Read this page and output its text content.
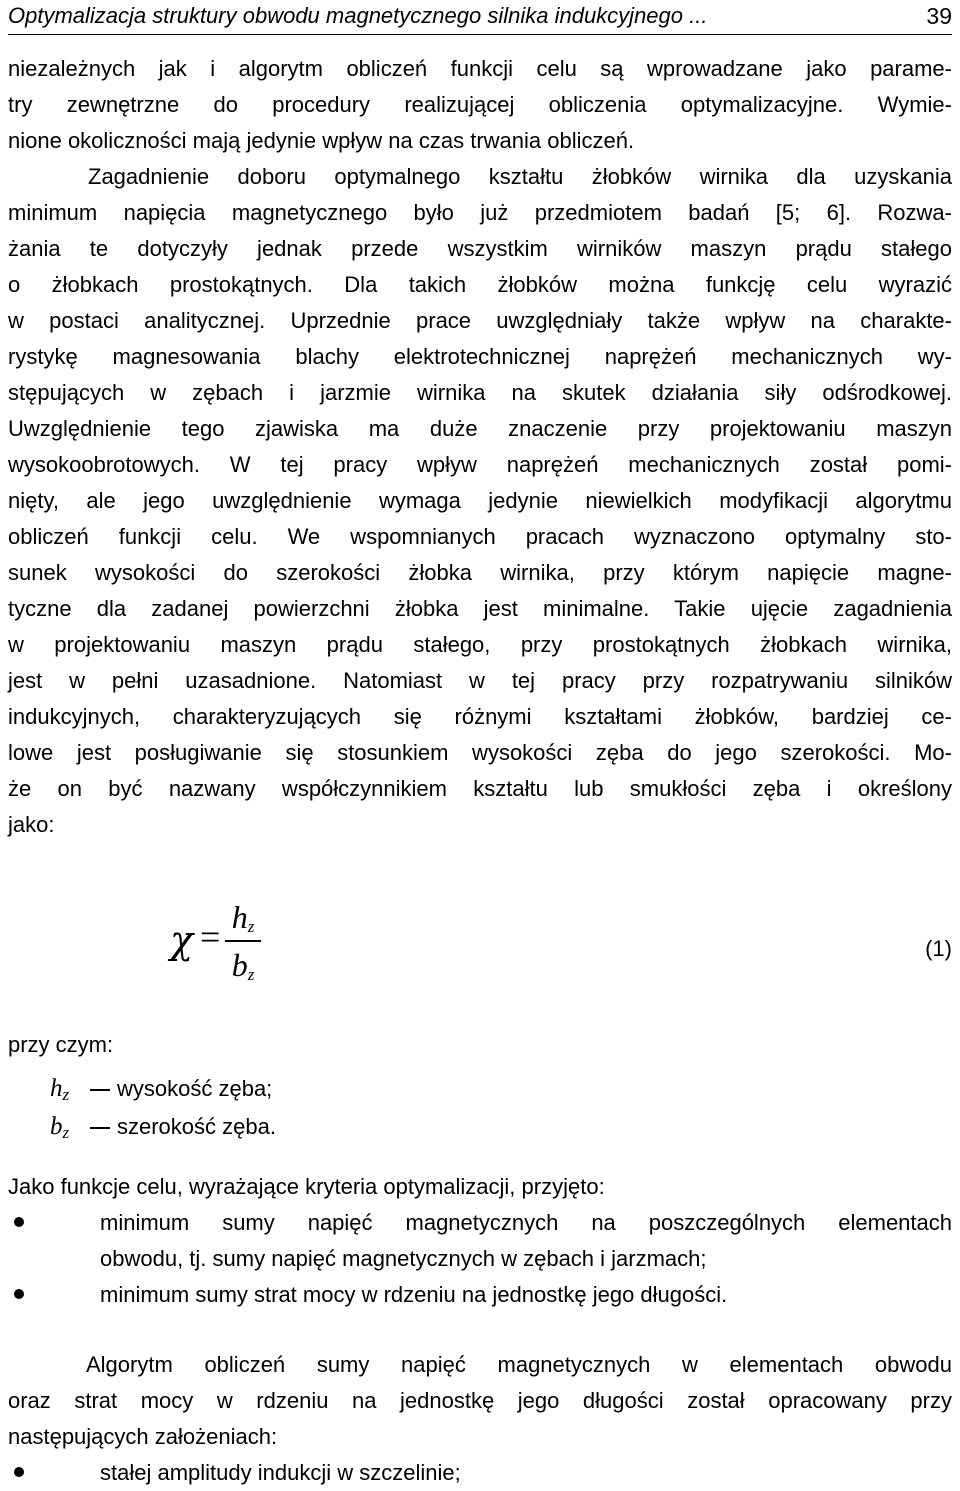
Optymalizacja struktury obwodu magnetycznego silnika indukcyjnego ...	39
niezależnych jak i algorytm obliczeń funkcji celu są wprowadzane jako parame-
try zewnętrzne do procedury realizującej obliczenia optymalizacyjne. Wymie-
nione okoliczności mają jedynie wpływ na czas trwania obliczeń.
Zagadnienie doboru optymalnego kształtu żłobków wirnika dla uzyskania
minimum napięcia magnetycznego było już przedmiotem badań [5; 6]. Rozwa-
żania te dotyczyły jednak przede wszystkim wirników maszyn prądu stałego
o żłobkach prostokątnych. Dla takich żłobków można funkcję celu wyrazić
w postaci analitycznej. Uprzednie prace uwzględniały także wpływ na charakte-
rystykę magnesowania blachy elektrotechnicznej naprężeń mechanicznych wy-
stępujących w zębach i jarzmie wirnika na skutek działania siły odśrodkowej.
Uwzględnienie tego zjawiska ma duże znaczenie przy projektowaniu maszyn
wysokoobrotowych. W tej pracy wpływ naprężeń mechanicznych został pomi-
nięty, ale jego uwzględnienie wymaga jedynie niewielkich modyfikacji algorytmu
obliczeń funkcji celu. We wspomnianych pracach wyznaczono optymalny sto-
sunek wysokości do szerokości żłobka wirnika, przy którym napięcie magne-
tyczne dla zadanej powierzchni żłobka jest minimalne. Takie ujęcie zagadnienia
w projektowaniu maszyn prądu stałego, przy prostokątnych żłobkach wirnika,
jest w pełni uzasadnione. Natomiast w tej pracy przy rozpatrywaniu silników
indukcyjnych, charakteryzujących się różnymi kształtami żłobków, bardziej ce-
lowe jest posługiwanie się stosunkiem wysokości zęba do jego szerokości. Mo-
że on być nazwany współczynnikiem kształtu lub smukłości zęba i określony
jako:
przy czym:
Jako funkcje celu, wyrażające kryteria optymalizacji, przyjęto:
minimum sumy napięć magnetycznych na poszczególnych elementach
obwodu, tj. sumy napięć magnetycznych w zębach i jarzmach;
minimum sumy strat mocy w rdzeniu na jednostkę jego długości.
Algorytm obliczeń sumy napięć magnetycznych w elementach obwodu
oraz strat mocy w rdzeniu na jednostkę jego długości został opracowany przy
następujących założeniach:
stałej amplitudy indukcji w szczelinie;
$\chi = h_z$
$b_z$
(1)
$h_z$ wysokość zęba;
$b_z$ szerokość zęba.
